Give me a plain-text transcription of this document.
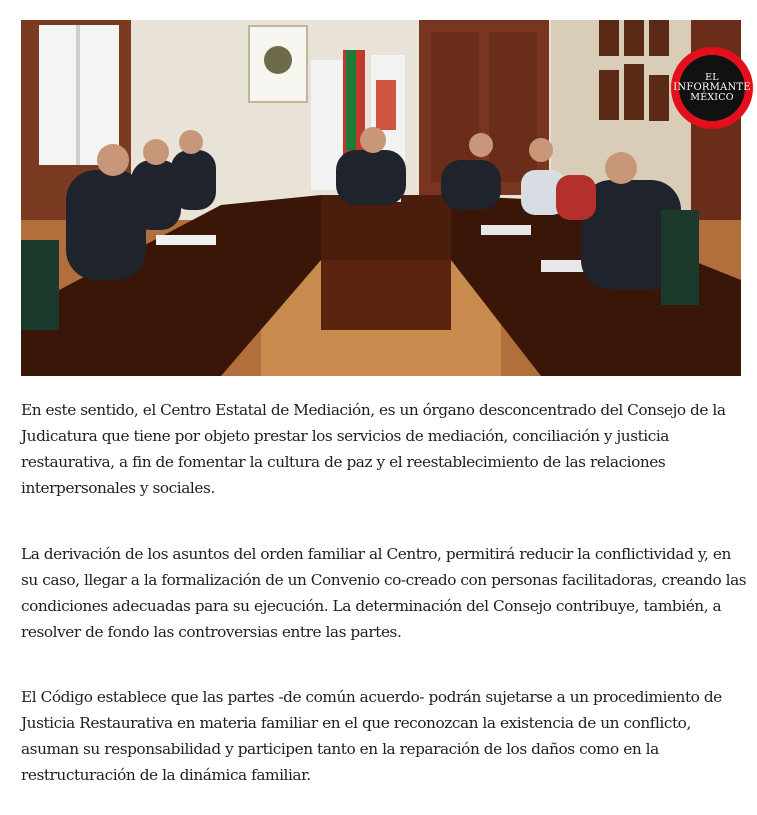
EL
INFORMANTE
MÉXICO

En este sentido, el Centro Estatal de Mediación, es un órgano desconcentrado del Consejo de la Judicatura que tiene por objeto prestar los servicios de mediación, conciliación y justicia restaurativa, a fin de fomentar la cultura de paz y el reestablecimiento de las relaciones interpersonales y sociales.

La derivación de los asuntos del orden familiar al Centro, permitirá reducir la conflictividad y, en su caso, llegar a la formalización de un Convenio co-creado con personas facilitadoras, creando las condiciones adecuadas para su ejecución. La determinación del Consejo contribuye, también, a resolver de fondo las controversias entre las partes.

El Código establece que las partes -de común acuerdo- podrán sujetarse a un procedimiento de Justicia Restaurativa en materia familiar en el que reconozcan la existencia de un conflicto, asuman su responsabilidad y participen tanto en la reparación de los daños como en la restructuración de la dinámica familiar.
